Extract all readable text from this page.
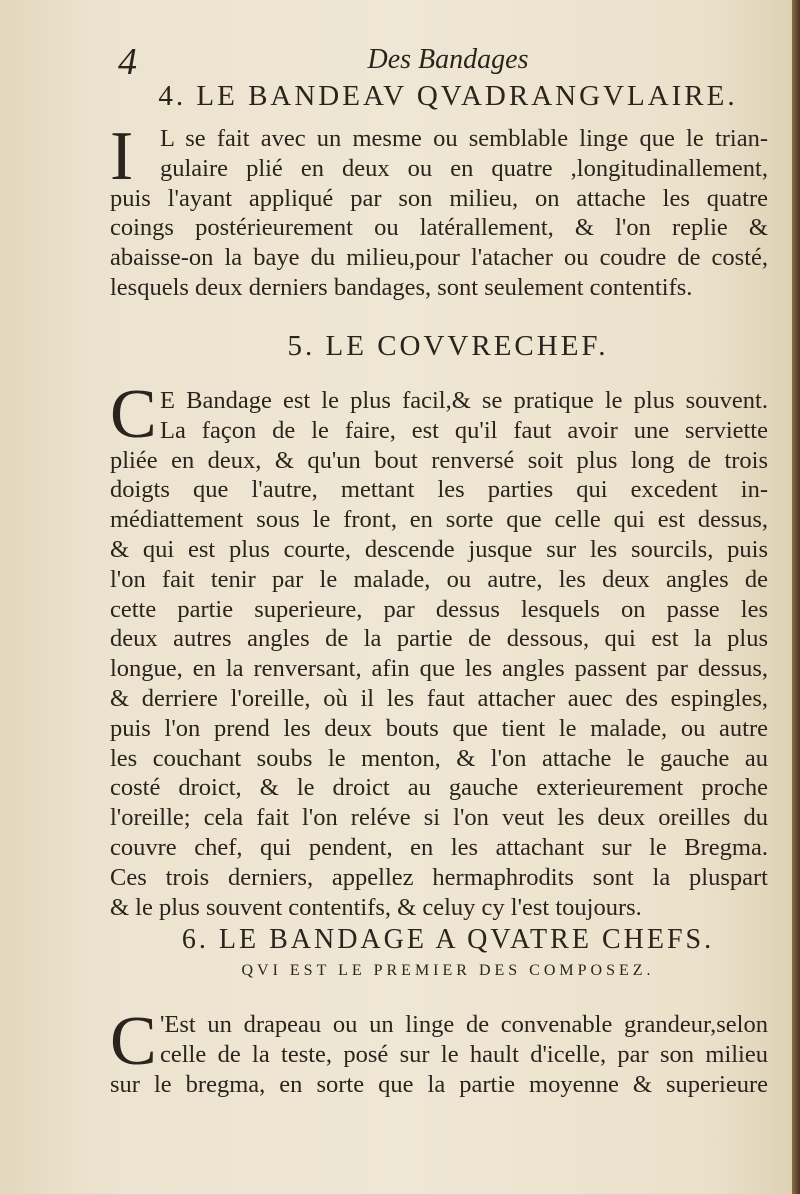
4	Des Bandages
4. LE BANDEAV QVADRANGVLAIRE.
I	L se fait avec un mesme ou semblable linge que le trian-
gulaire plié en deux ou en quatre ,longitudinallement,
puis l'ayant appliqué par son milieu, on attache les quatre
coings postérieurement ou latérallement, & l'on replie &
abaisse-on la baye du milieu,pour l'atacher ou coudre de costé,
lesquels deux derniers bandages, sont seulement contentifs.
5. LE COVVRECHEF.
C E Bandage est le plus facil,& se pratique le plus souvent.
La façon de le faire, est qu'il faut avoir une serviette
pliée en deux, & qu'un bout renversé soit plus long de trois
doigts que l'autre, mettant les parties qui excedent in-
médiattement sous le front, en sorte que celle qui est dessus,
& qui est plus courte, descende jusque sur les sourcils, puis
l'on fait tenir par le malade, ou autre, les deux angles de
cette partie superieure, par dessus lesquels on passe les
deux autres angles de la partie de dessous, qui est la plus
longue, en la renversant, afin que les angles passent par dessus,
& derriere l'oreille, où il les faut attacher auec des espingles,
puis l'on prend les deux bouts que tient le malade, ou autre
les couchant soubs le menton, & l'on attache le gauche au
costé droict, & le droict au gauche exterieurement proche
l'oreille; cela fait l'on reléve si l'on veut les deux oreilles du
couvre chef, qui pendent, en les attachant sur le Bregma.
Ces trois derniers, appellez hermaphrodits sont la pluspart
& le plus souvent contentifs, & celuy cy l'est toujours.
6. LE BANDAGE A QVATRE CHEFS.
QVI EST LE PREMIER DES COMPOSEZ.
C 'Est un drapeau ou un linge de convenable grandeur,selon
celle de la teste, posé sur le hault d'icelle, par son milieu
sur le bregma, en sorte que la partie moyenne & superieure
